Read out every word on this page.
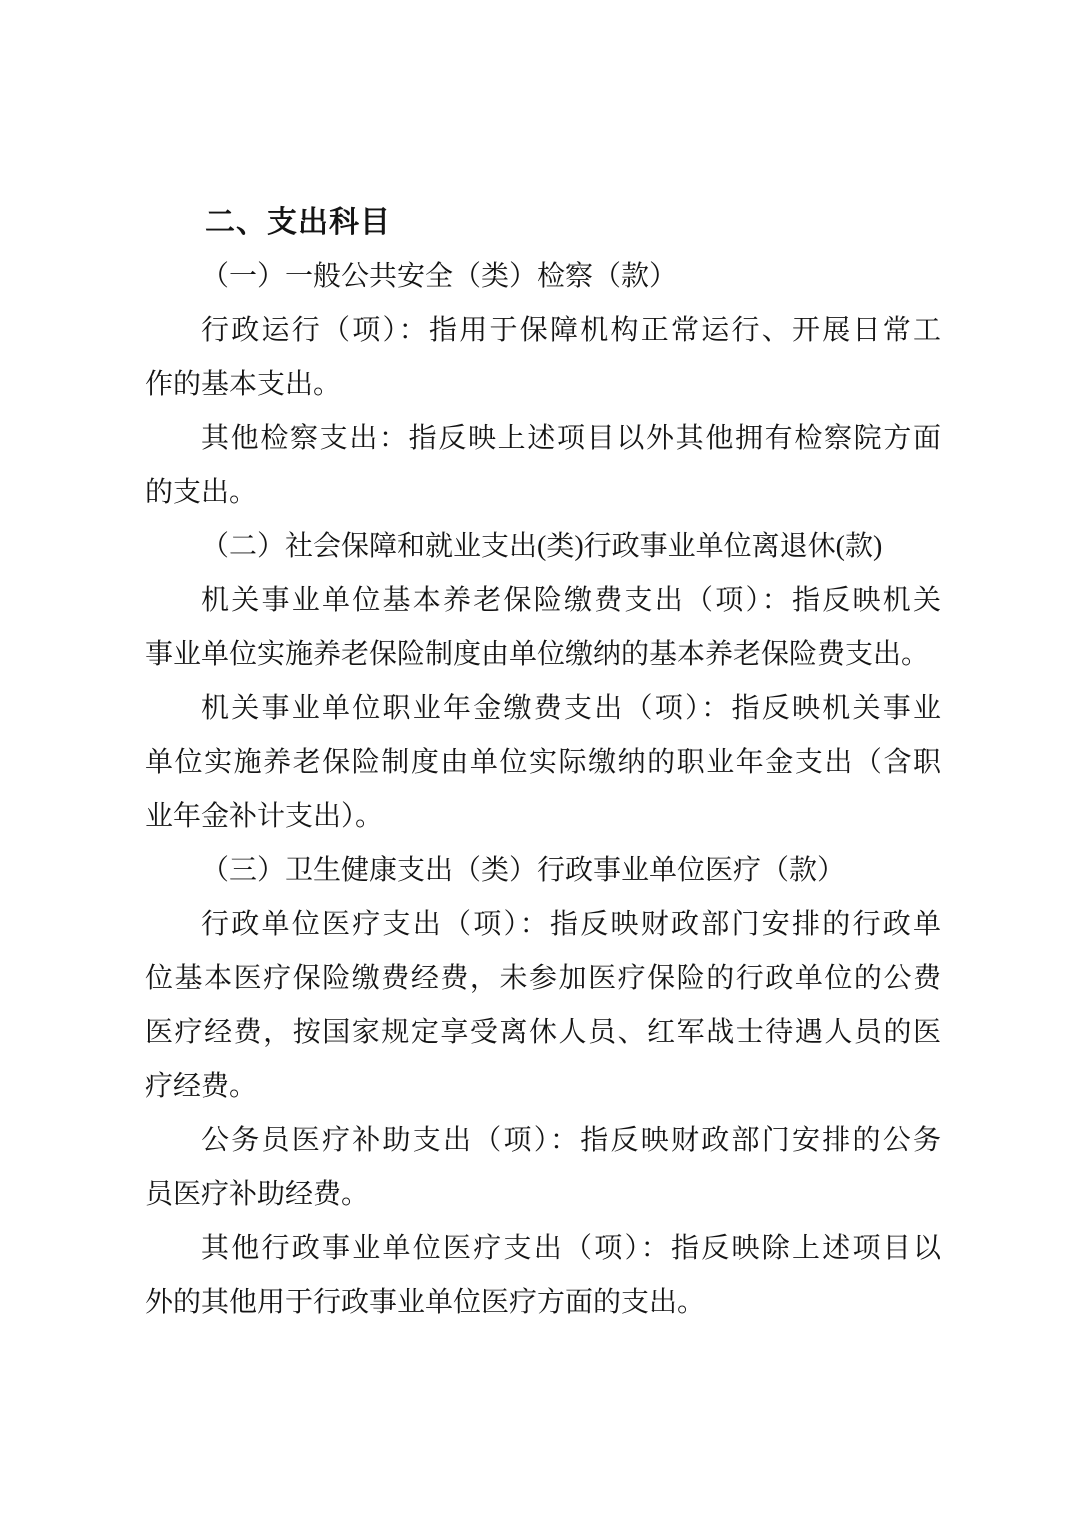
二、支出科目
（一）一般公共安全（类）检察（款）
行政运行（项）：指用于保障机构正常运行、开展日常工
作的基本支出。
其他检察支出：指反映上述项目以外其他拥有检察院方面
的支出。
（二）社会保障和就业支出(类)行政事业单位离退休(款)
机关事业单位基本养老保险缴费支出（项）：指反映机关
事业单位实施养老保险制度由单位缴纳的基本养老保险费支出。
机关事业单位职业年金缴费支出（项）：指反映机关事业
单位实施养老保险制度由单位实际缴纳的职业年金支出（含职
业年金补计支出）。
（三）卫生健康支出（类）行政事业单位医疗（款）
行政单位医疗支出（项）：指反映财政部门安排的行政单
位基本医疗保险缴费经费，未参加医疗保险的行政单位的公费
医疗经费，按国家规定享受离休人员、红军战士待遇人员的医
疗经费。
公务员医疗补助支出（项）：指反映财政部门安排的公务
员医疗补助经费。
其他行政事业单位医疗支出（项）：指反映除上述项目以
外的其他用于行政事业单位医疗方面的支出。
